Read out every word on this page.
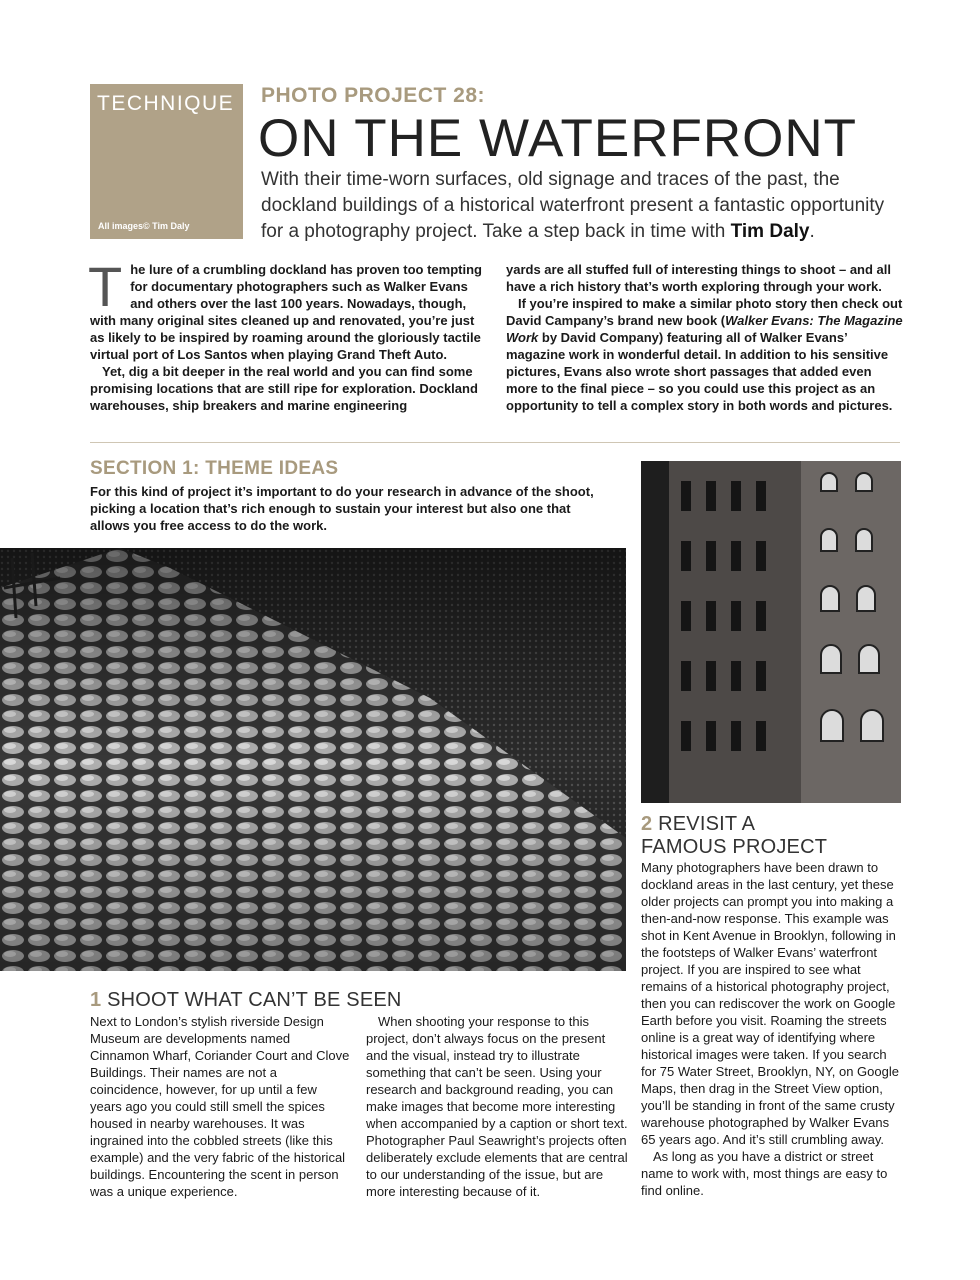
TECHNIQUE
All images© Tim Daly
PHOTO PROJECT 28:
ON THE WATERFRONT

With their time-worn surfaces, old signage and traces of the past, the dockland buildings of a historical waterfront present a fantastic opportunity for a photography project. Take a step back in time with Tim Daly.

The lure of a crumbling dockland has proven too tempting for documentary photographers such as Walker Evans and others over the last 100 years. Nowadays, though, with many original sites cleaned up and renovated, you’re just as likely to be inspired by roaming around the gloriously tactile virtual port of Los Santos when playing Grand Theft Auto.

Yet, dig a bit deeper in the real world and you can find some promising locations that are still ripe for exploration. Dockland warehouses, ship breakers and marine engineering

yards are all stuffed full of interesting things to shoot – and all have a rich history that’s worth exploring through your work.

If you’re inspired to make a similar photo story then check out David Campany’s brand new book (Walker Evans: The Magazine Work by David Company) featuring all of Walker Evans’ magazine work in wonderful detail. In addition to his sensitive pictures, Evans also wrote short passages that added even more to the final piece – so you could use this project as an opportunity to tell a complex story in both words and pictures.

SECTION 1: THEME IDEAS

For this kind of project it’s important to do your research in advance of the shoot, picking a location that’s rich enough to sustain your interest but also one that allows you free access to do the work.

1 SHOOT WHAT CAN’T BE SEEN

Next to London’s stylish riverside Design Museum are developments named Cinnamon Wharf, Coriander Court and Clove Buildings. Their names are not a coincidence, however, for up until a few years ago you could still smell the spices housed in nearby warehouses. It was ingrained into the cobbled streets (like this example) and the very fabric of the historical buildings. Encountering the scent in person was a unique experience.

When shooting your response to this project, don’t always focus on the present and the visual, instead try to illustrate something that can’t be seen. Using your research and background reading, you can make images that become more interesting when accompanied by a caption or short text. Photographer Paul Seawright’s projects often deliberately exclude elements that are central to our understanding of the issue, but are more interesting because of it.

2 REVISIT A
FAMOUS PROJECT

Many photographers have been drawn to dockland areas in the last century, yet these older projects can prompt you into making a then-and-now response. This example was shot in Kent Avenue in Brooklyn, following in the footsteps of Walker Evans’ waterfront project. If you are inspired to see what remains of a historical photography project, then you can rediscover the work on Google Earth before you visit. Roaming the streets online is a great way of identifying where historical images were taken. If you search for 75 Water Street, Brooklyn, NY, on Google Maps, then drag in the Street View option, you’ll be standing in front of the same crusty warehouse photographed by Walker Evans 65 years ago. And it’s still crumbling away.

As long as you have a district or street name to work with, most things are easy to find online.
